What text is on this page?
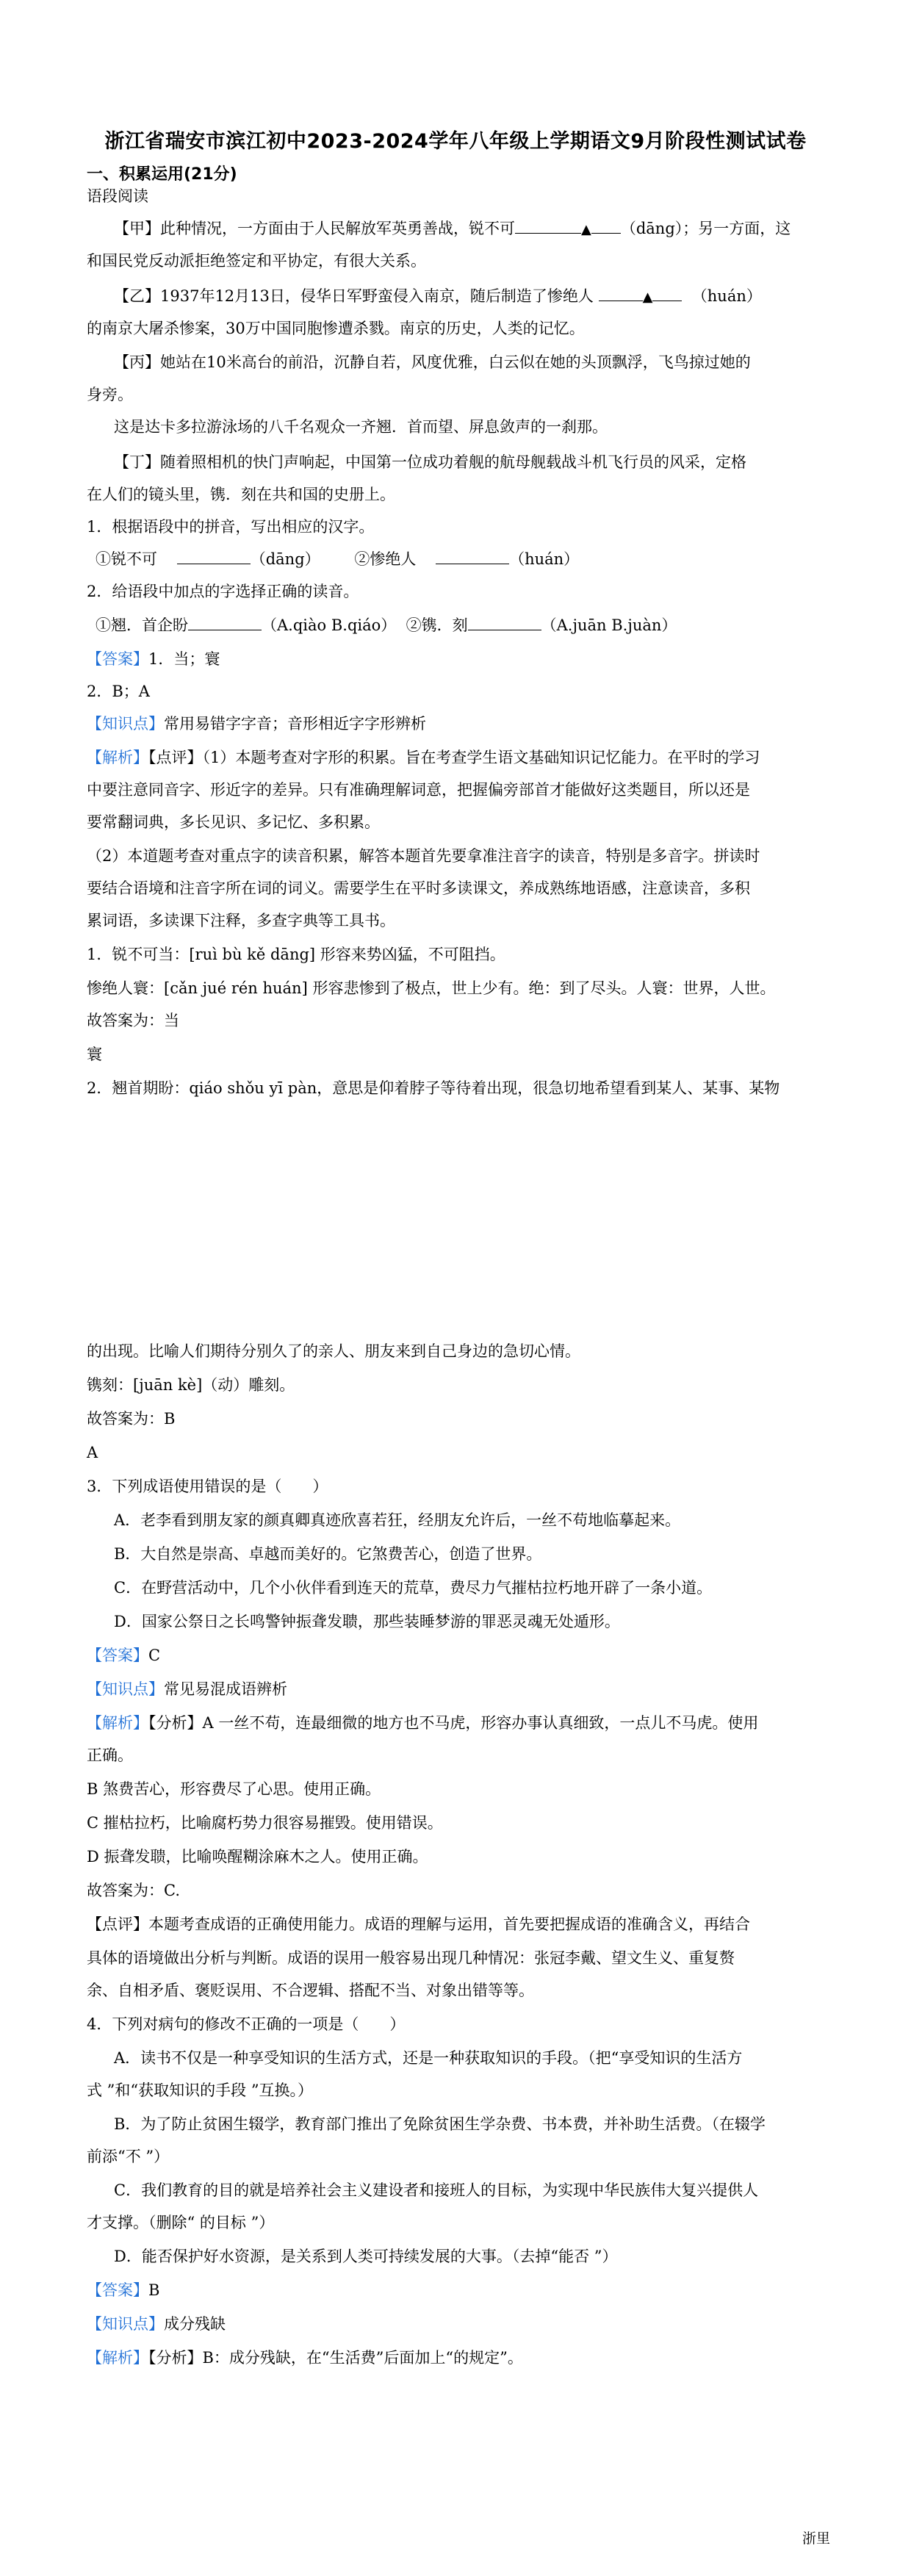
浙江省瑞安市滨江初中2023-2024学年八年级上学期语文9月阶段性测试试卷
一、积累运用(21分)
语段阅读
【甲】此种情况，一方面由于人民解放军英勇善战，锐不可	▲ （dāng）；另一方面，这
和国民党反动派拒绝签定和平协定，有很大关系。
【乙】1937年12月13日，侵华日军野蛮侵入南京，随后制造了惨绝人	▲	（huán）
的南京大屠杀惨案，30万中国同胞惨遭杀戮。南京的历史，人类的记忆。
【丙】她站在10米高台的前沿，沉静自若，风度优雅，白云似在她的头顶飘浮，飞鸟掠过她的
身旁。
这是达卡多拉游泳场的八千名观众一齐翘．首而望、屏息敛声的一刹那。
【丁】随着照相机的快门声响起，中国第一位成功着舰的航母舰载战斗机飞行员的风采，定格
在人们的镜头里，镌．刻在共和国的史册上。
1．根据语段中的拼音，写出相应的汉字。
①锐不可	（dāng） ②惨绝人	（huán）
2．给语段中加点的字选择正确的读音。
①翘．首企盼	（A.qiào B.qiáo） ②镌．刻	（A.juān B.juàn）
【答案】1．当；寰
2．B；A
【知识点】常用易错字字音；音形相近字字形辨析
【解析】【点评】（1）本题考查对字形的积累。旨在考查学生语文基础知识记忆能力。在平时的学习
中要注意同音字、形近字的差异。只有准确理解词意，把握偏旁部首才能做好这类题目，所以还是
要常翻词典，多长见识、多记忆、多积累。
（2）本道题考查对重点字的读音积累，解答本题首先要拿准注音字的读音，特别是多音字。拼读时
要结合语境和注音字所在词的词义。需要学生在平时多读课文，养成熟练地语感，注意读音，多积
累词语，多读课下注释，多查字典等工具书。
1．锐不可当：[ruì bù kě dāng] 形容来势凶猛，不可阻挡。
惨绝人寰：[cǎn jué rén huán] 形容悲惨到了极点，世上少有。绝：到了尽头。人寰：世界，人世。
故答案为：当
寰
2．翘首期盼：qiáo shǒu yī pàn，意思是仰着脖子等待着出现，很急切地希望看到某人、某事、某物
的出现。比喻人们期待分别久了的亲人、朋友来到自己身边的急切心情。
镌刻：[juān kè]（动）雕刻。
故答案为：B
A
3．下列成语使用错误的是（　　）
A．老李看到朋友家的颜真卿真迹欣喜若狂，经朋友允许后，一丝不苟地临摹起来。
B．大自然是崇高、卓越而美好的。它煞费苦心，创造了世界。
C．在野营活动中，几个小伙伴看到连天的荒草，费尽力气摧枯拉朽地开辟了一条小道。
D．国家公祭日之长鸣警钟振聋发聩，那些装睡梦游的罪恶灵魂无处遁形。
【答案】C
【知识点】常见易混成语辨析
【解析】【分析】A 一丝不苟，连最细微的地方也不马虎，形容办事认真细致，一点儿不马虎。使用
正确。
B 煞费苦心，形容费尽了心思。使用正确。
C 摧枯拉朽，比喻腐朽势力很容易摧毁。使用错误。
D 振聋发聩，比喻唤醒糊涂麻木之人。使用正确。
故答案为：C.
【点评】本题考查成语的正确使用能力。成语的理解与运用，首先要把握成语的准确含义，再结合
具体的语境做出分析与判断。成语的误用一般容易出现几种情况：张冠李戴、望文生义、重复赘
余、自相矛盾、褒贬误用、不合逻辑、搭配不当、对象出错等等。
4．下列对病句的修改不正确的一项是（　　）
A．读书不仅是一种享受知识的生活方式，还是一种获取知识的手段。（把“享受知识的生活方
式 ”和“获取知识的手段 ”互换。）
B．为了防止贫困生辍学，教育部门推出了免除贫困生学杂费、书本费，并补助生活费。（在辍学
前添“不 ”）
C．我们教育的目的就是培养社会主义建设者和接班人的目标，为实现中华民族伟大复兴提供人
才支撑。（删除“ 的目标 ”）
D．能否保护好水资源，是关系到人类可持续发展的大事。（去掉“能否 ”）
【答案】B
【知识点】成分残缺
【解析】【分析】B：成分残缺，在“生活费”后面加上“的规定”。
浙里
